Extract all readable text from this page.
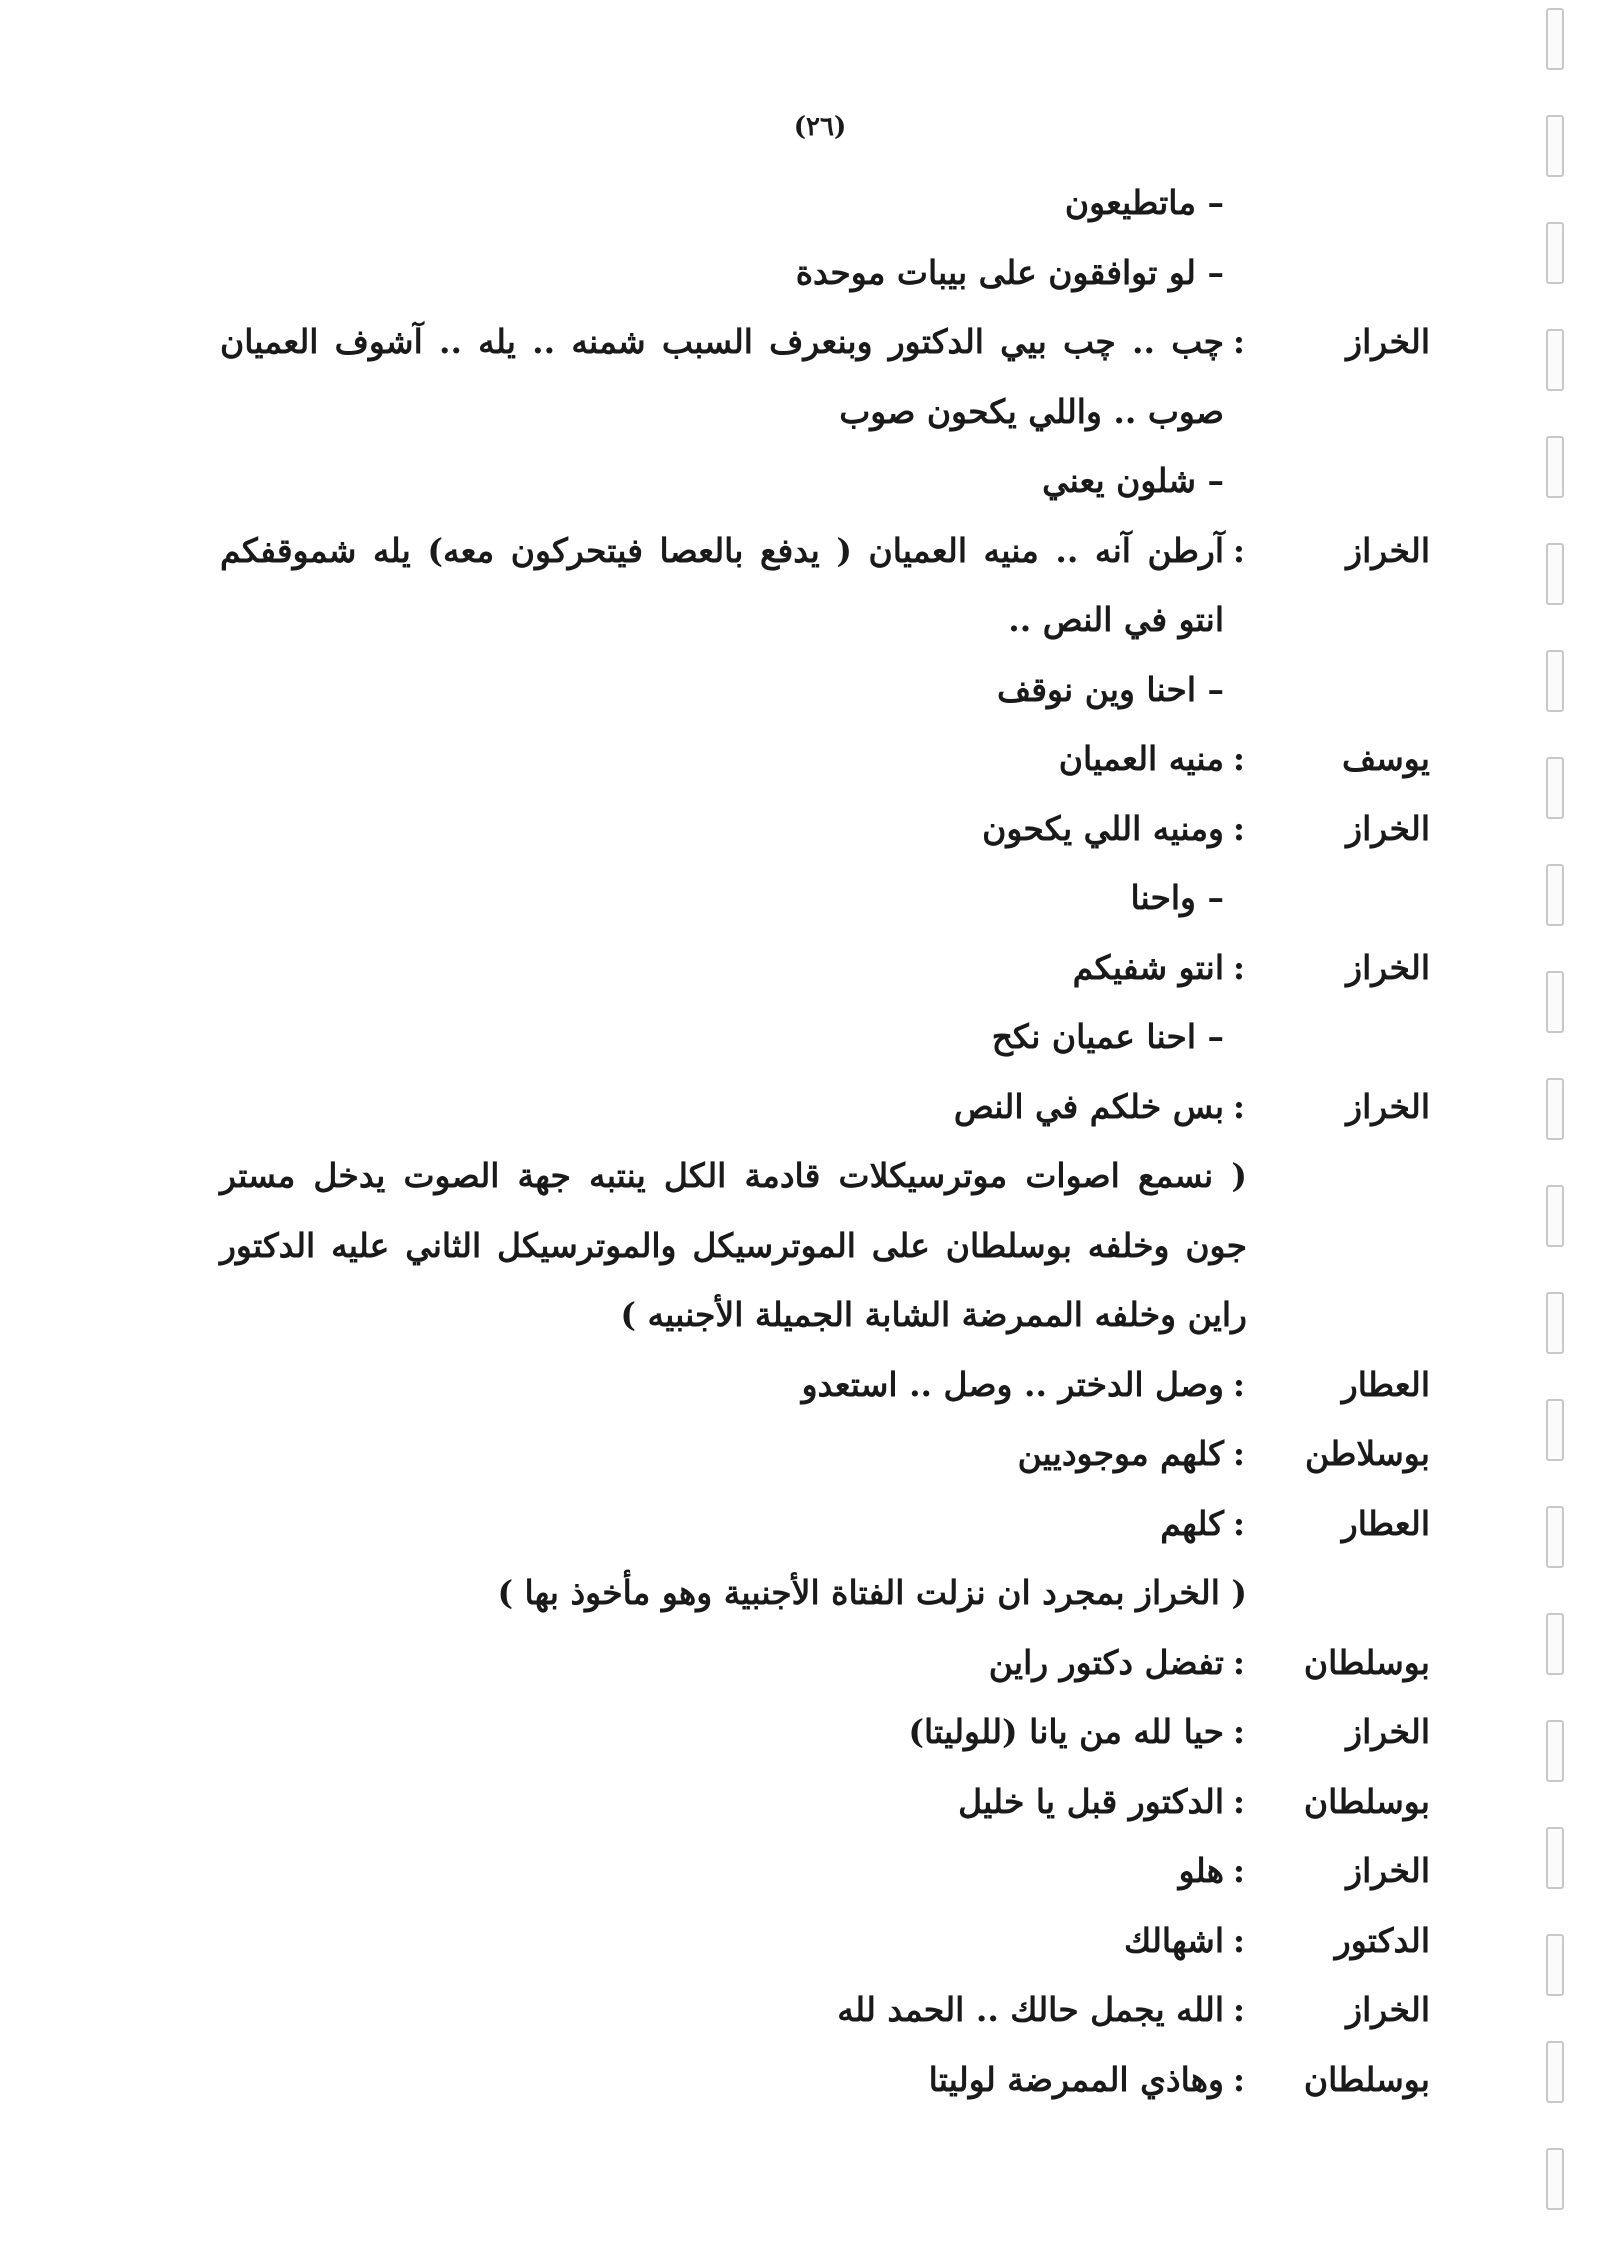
(٢٦)
– ماتطيعون
– لو توافقون على بيبات موحدة
الخراز
:
چب .. چب بيي الدكتور وبنعرف السبب شمنه .. يله .. آشوف العميان صوب .. واللي يكحون صوب
– شلون يعني
الخراز
:
آرطن آنه .. منيه العميان ( يدفع بالعصا فيتحركون معه) يله شموقفكم انتو في النص ..
– احنا وين نوقف
يوسف
:
منيه العميان
الخراز
:
ومنيه اللي يكحون
– واحنا
الخراز
:
انتو شفيكم
– احنا عميان نكح
الخراز
:
بس خلكم في النص
( نسمع اصوات موترسيكلات قادمة الكل ينتبه جهة الصوت يدخل مستر جون وخلفه بوسلطان على الموترسيكل والموترسيكل الثاني عليه الدكتور راين وخلفه الممرضة الشابة الجميلة الأجنبيه )
العطار
:
وصل الدختر .. وصل .. استعدو
بوسلاطن
:
كلهم موجوديين
العطار
:
كلهم
( الخراز بمجرد ان نزلت الفتاة الأجنبية وهو مأخوذ بها )
بوسلطان
:
تفضل دكتور راين
الخراز
:
حيا لله من يانا (للوليتا)
بوسلطان
:
الدكتور قبل يا خليل
الخراز
:
هلو
الدكتور
:
اشهالك
الخراز
:
الله يجمل حالك .. الحمد لله
بوسلطان
:
وهاذي الممرضة لوليتا
